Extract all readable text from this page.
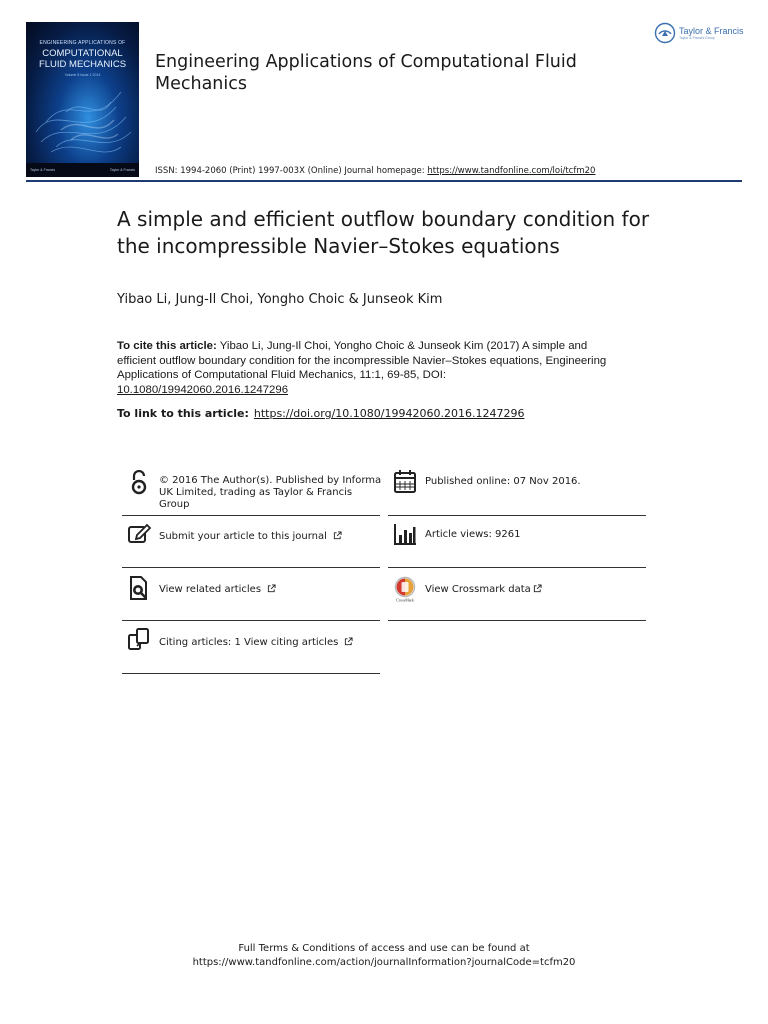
ENGINEERING APPLICATIONS OF
COMPUTATIONAL
FLUID MECHANICS
Volume 8 Issue 1 2014
Taylor & Francis	Taylor & Francis
Engineering Applications of Computational Fluid Mechanics
Taylor & Francis
Taylor & Francis Group
ISSN: 1994-2060 (Print) 1997-003X (Online) Journal homepage: https://www.tandfonline.com/loi/tcfm20
A simple and efficient outflow boundary condition for the incompressible Navier–Stokes equations
Yibao Li, Jung-Il Choi, Yongho Choic & Junseok Kim
To cite this article: Yibao Li, Jung-Il Choi, Yongho Choic & Junseok Kim (2017) A simple and efficient outflow boundary condition for the incompressible Navier–Stokes equations, Engineering Applications of Computational Fluid Mechanics, 11:1, 69-85, DOI: 10.1080/19942060.2016.1247296
To link to this article: https://doi.org/10.1080/19942060.2016.1247296
© 2016 The Author(s). Published by Informa UK Limited, trading as Taylor & Francis Group
Submit your article to this journal
View related articles
Citing articles: 1 View citing articles
Published online: 07 Nov 2016.
Article views: 9261
CrossMark
View Crossmark data
Full Terms & Conditions of access and use can be found at
https://www.tandfonline.com/action/journalInformation?journalCode=tcfm20
